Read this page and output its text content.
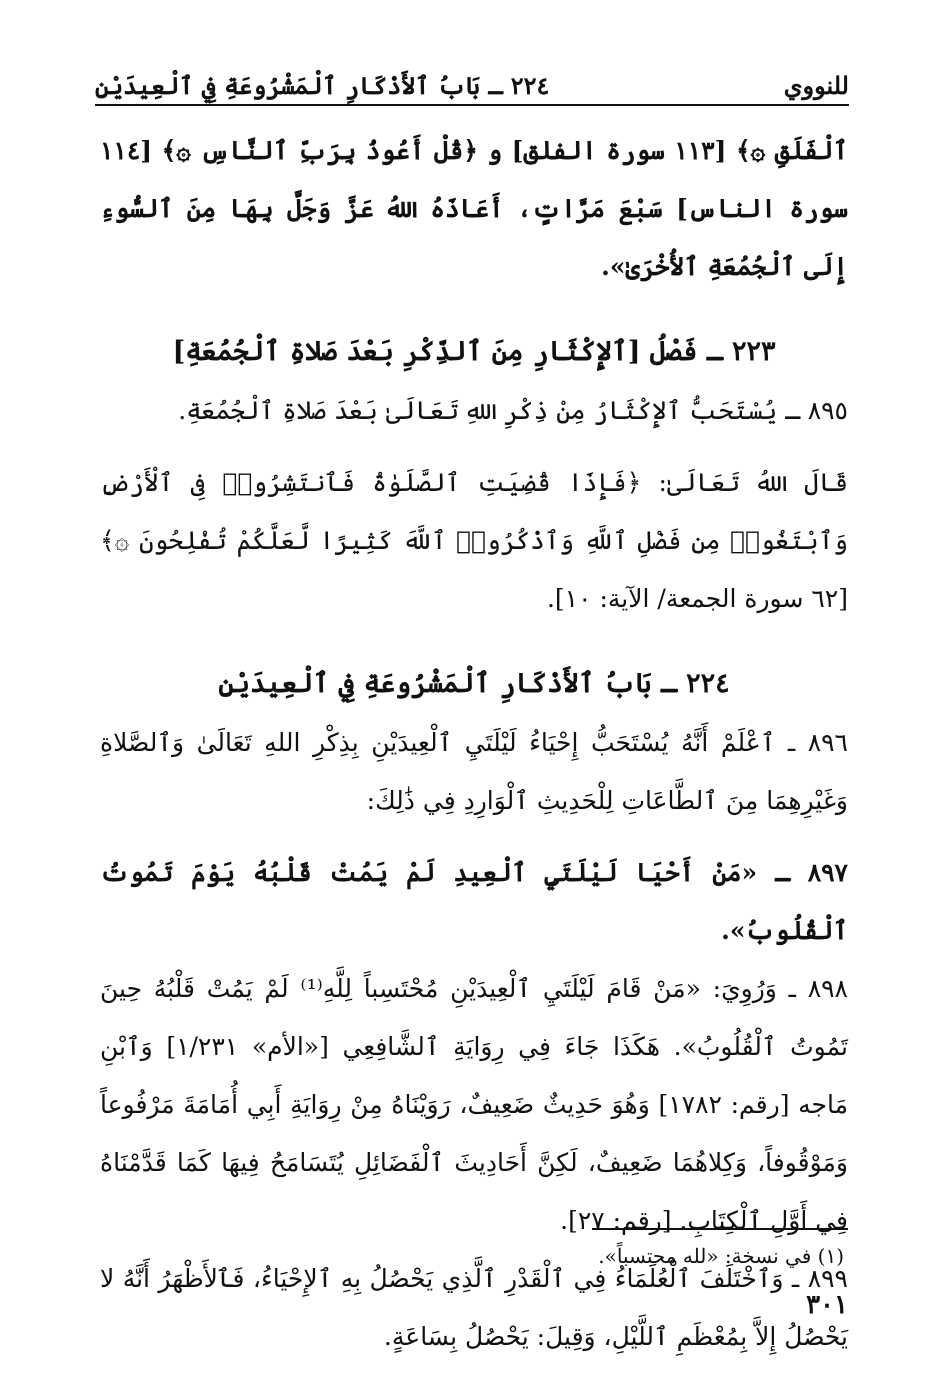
للنووي
٢٢٤ ـ بَابُ ٱلأَذْكَارِ ٱلْمَشْرُوعَةِ فِي ٱلْعِيدَيْنِ

ٱلْفَلَقِ ۞﴾ [١١٣ سورة الفلق] و ﴿قُلْ أَعُوذُ بِرَبِّ ٱلنَّاسِ ۞﴾ [١١٤ سورة الناس] سَبْعَ مَرَّاتٍ، أَعَاذَهُ اللهُ عَزَّ وَجَلَّ بِهَا مِنَ ٱلسُّوءِ إِلَى ٱلْجُمُعَةِ ٱلأُخْرَىٰ».

٢٢٣ ـ فَصْلُ [ٱلإِكْثَارِ مِنَ ٱلذِّكْرِ بَعْدَ صَلاةِ ٱلْجُمُعَةِ]

٨٩٥ ـ يُسْتَحَبُّ ٱلإِكْثَارُ مِنْ ذِكْرِ اللهِ تَعَالَىٰ بَعْدَ صَلاةِ ٱلْجُمُعَةِ.

قَالَ اللهُ تَعَالَىٰ: ﴿فَإِذَا قُضِيَتِ ٱلصَّلَوٰةُ فَٱنتَشِرُوا۟ فِى ٱلْأَرْضِ وَٱبْتَغُوا۟ مِن فَضْلِ ٱللَّهِ وَٱذْكُرُوا۟ ٱللَّهَ كَثِيرًا لَّعَلَّكُمْ تُفْلِحُونَ ۞﴾ [٦٢ سورة الجمعة/ الآية: ١٠].

٢٢٤ ـ بَابُ ٱلأَذْكَارِ ٱلْمَشْرُوعَةِ فِي ٱلْعِيدَيْنِ

٨٩٦ ـ ٱعْلَمْ أَنَّهُ يُسْتَحَبُّ إِحْيَاءُ لَيْلَتَيِ ٱلْعِيدَيْنِ بِذِكْرِ اللهِ تَعَالَىٰ وَٱلصَّلاةِ وَغَيْرِهِمَا مِنَ ٱلطَّاعَاتِ لِلْحَدِيثِ ٱلْوَارِدِ فِي ذَٰلِكَ:

٨٩٧ ـ «مَنْ أَحْيَا لَيْلَتَيِ ٱلْعِيدِ لَمْ يَمُتْ قَلْبُهُ يَوْمَ تَمُوتُ ٱلْقُلُوبُ».

٨٩٨ ـ وَرُوِيَ: «مَنْ قَامَ لَيْلَتَيِ ٱلْعِيدَيْنِ مُحْتَسِباً لِلَّهِ⁽¹⁾ لَمْ يَمُتْ قَلْبُهُ حِينَ تَمُوتُ ٱلْقُلُوبُ». هَكَذَا جَاءَ فِي رِوَايَةِ ٱلشَّافِعِي [«الأم» ١/٢٣١] وَٱبْنِ مَاجه [رقم: ١٧٨٢] وَهُوَ حَدِيثٌ ضَعِيفٌ، رَوَيْنَاهُ مِنْ رِوَايَةِ أَبِي أُمَامَةَ مَرْفُوعاً وَمَوْقُوفاً، وَكِلاهُمَا ضَعِيفٌ، لَكِنَّ أَحَادِيثَ ٱلْفَضَائِلِ يُتَسَامَحُ فِيهَا كَمَا قَدَّمْنَاهُ فِي أَوَّلِ ٱلْكِتَابِ. [رقم: ٢٧].

٨٩٩ ـ وَٱخْتَلَفَ ٱلْعُلَمَاءُ فِي ٱلْقَدْرِ ٱلَّذِي يَحْصُلُ بِهِ ٱلإِحْيَاءُ، فَٱلأَظْهَرُ أَنَّهُ لا يَحْصُلُ إِلاَّ بِمُعْظَمِ ٱللَّيْلِ، وَقِيلَ: يَحْصُلُ بِسَاعَةٍ.

(١) في نسخة: «لله محتسباً».
٣٠١
